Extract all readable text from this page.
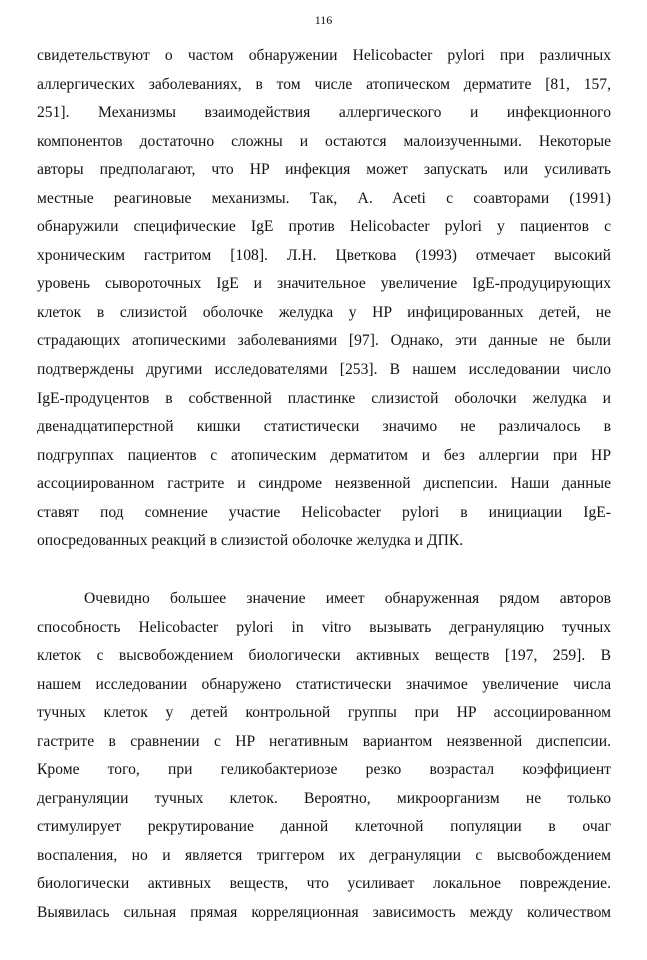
116
свидетельствуют о частом обнаружении Helicobacter pylori при различных
аллергических заболеваниях, в том числе атопическом дерматите [81, 157,
251]. Механизмы взаимодействия аллергического и инфекционного
компонентов достаточно сложны и остаются малоизученными. Некоторые
авторы предполагают, что HP инфекция может запускать или усиливать
местные реагиновые механизмы. Так, A. Aceti с соавторами (1991)
обнаружили специфические IgE против Helicobacter pylori у пациентов с
хроническим гастритом [108]. Л.Н. Цветкова (1993) отмечает высокий
уровень сывороточных IgE и значительное увеличение IgE-продуцирующих
клеток в слизистой оболочке желудка у HP инфицированных детей, не
страдающих атопическими заболеваниями [97]. Однако, эти данные не были
подтверждены другими исследователями [253]. В нашем исследовании число
IgE-продуцентов в собственной пластинке слизистой оболочки желудка и
двенадцатиперстной кишки статистически значимо не различалось в
подгруппах пациентов с атопическим дерматитом и без аллергии при HP
ассоциированном гастрите и синдроме неязвенной диспепсии. Наши данные
ставят под сомнение участие Helicobacter pylori в инициации IgE-
опосредованных реакций в слизистой оболочке желудка и ДПК.
Очевидно большее значение имеет обнаруженная рядом авторов
способность Helicobacter pylori in vitro вызывать дегрануляцию тучных
клеток с высвобождением биологически активных веществ [197, 259]. В
нашем исследовании обнаружено статистически значимое увеличение числа
тучных клеток у детей контрольной группы при HP ассоциированном
гастрите в сравнении с HP негативным вариантом неязвенной диспепсии.
Кроме того, при геликобактериозе резко возрастал коэффициент
дегрануляции тучных клеток. Вероятно, микроорганизм не только
стимулирует рекрутирование данной клеточной популяции в очаг
воспаления, но и является триггером их дегрануляции с высвобождением
биологически активных веществ, что усиливает локальное повреждение.
Выявилась сильная прямая корреляционная зависимость между количеством
